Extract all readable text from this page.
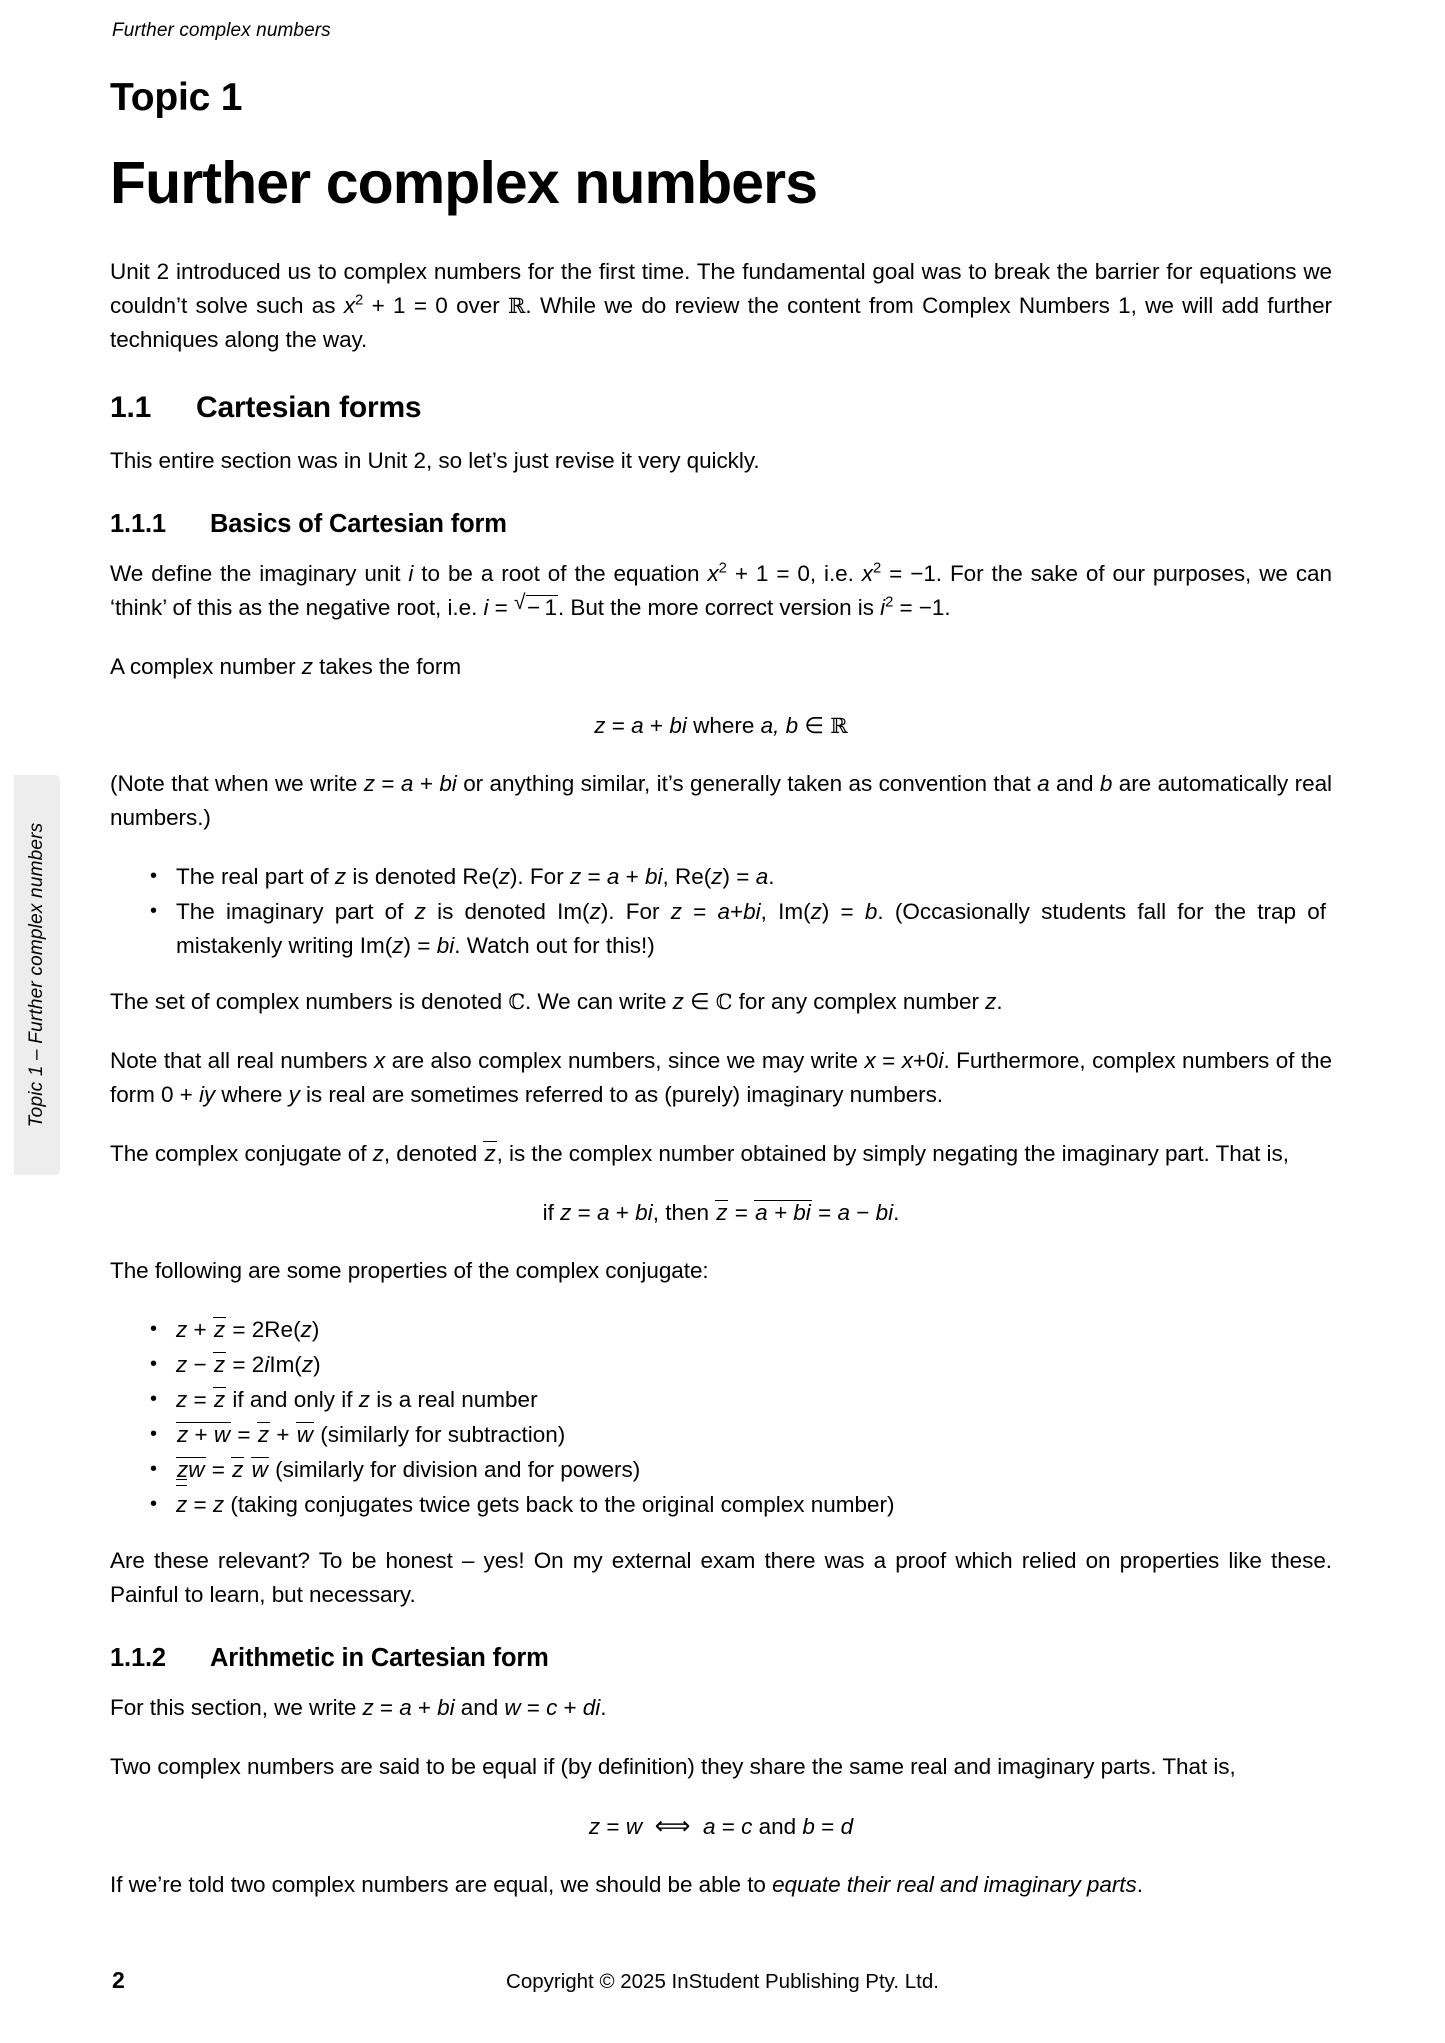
Further complex numbers
Topic 1 – Further complex numbers
Topic 1
Further complex numbers

Unit 2 introduced us to complex numbers for the first time. The fundamental goal was to break the barrier for equations we couldn’t solve such as $x^2 + 1 = 0$ over ℝ. While we do review the content from Complex Numbers 1, we will add further techniques along the way.

1.1 Cartesian forms

This entire section was in Unit 2, so let’s just revise it very quickly.

1.1.1 Basics of Cartesian form

We define the imaginary unit i to be a root of the equation $x^2 + 1 = 0$, i.e. $x^2 = -1$. For the sake of our purposes, we can ‘think’ of this as the negative root, i.e. i = √ − 1. But the more correct version is $i^2 = -1$.

A complex number z takes the form

z = a + bi where a, b ∈ ℝ

(Note that when we write z = a + bi or anything similar, it’s generally taken as convention that a and b are automatically real numbers.)

• The real part of z is denoted Re(z). For z = a + bi, Re(z) = a.
• The imaginary part of z is denoted Im(z). For z = a+bi, Im(z) = b. (Occasionally students fall for the trap of mistakenly writing Im(z) = bi. Watch out for this!)

The set of complex numbers is denoted ℂ. We can write z ∈ ℂ for any complex number z.

Note that all real numbers x are also complex numbers, since we may write x = x+0i. Furthermore, complex numbers of the form 0 + iy where y is real are sometimes referred to as (purely) imaginary numbers.

The complex conjugate of z, denoted z, is the complex number obtained by simply negating the imaginary part. That is,

if z = a + bi, then z = a + bi = a − bi.

The following are some properties of the complex conjugate:

• z + z = 2Re(z)
• z − z = 2iIm(z)
• z = z if and only if z is a real number
• z + w = z + w (similarly for subtraction)
• zw = z w (similarly for division and for powers)
• z = z (taking conjugates twice gets back to the original complex number)

Are these relevant? To be honest – yes! On my external exam there was a proof which relied on properties like these. Painful to learn, but necessary.

1.1.2 Arithmetic in Cartesian form

For this section, we write z = a + bi and w = c + di.

Two complex numbers are said to be equal if (by definition) they share the same real and imaginary parts. That is,

z = w ⟺ a = c and b = d

If we’re told two complex numbers are equal, we should be able to equate their real and imaginary parts.

2	Copyright © 2025 InStudent Publishing Pty. Ltd.
